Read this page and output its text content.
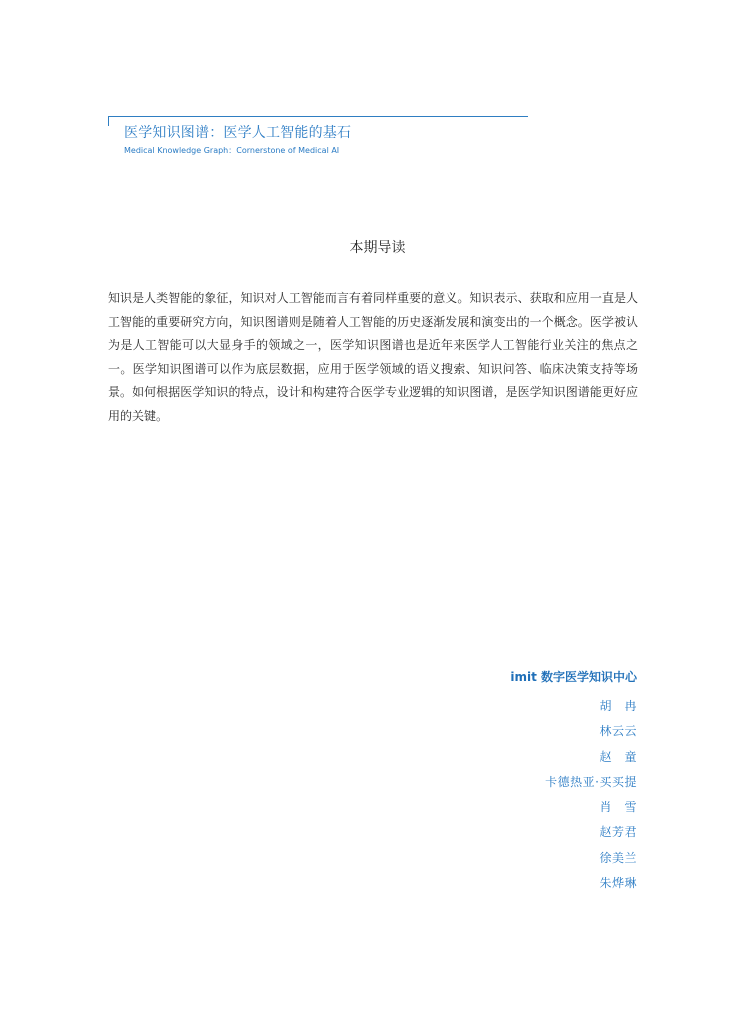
医学知识图谱：医学人工智能的基石
Medical Knowledge Graph：Cornerstone of Medical AI
本期导读
知识是人类智能的象征，知识对人工智能而言有着同样重要的意义。知识表示、获取和应用一直是人工智能的重要研究方向，知识图谱则是随着人工智能的历史逐渐发展和演变出的一个概念。医学被认为是人工智能可以大显身手的领域之一，医学知识图谱也是近年来医学人工智能行业关注的焦点之一。医学知识图谱可以作为底层数据，应用于医学领域的语义搜索、知识问答、临床决策支持等场景。如何根据医学知识的特点，设计和构建符合医学专业逻辑的知识图谱，是医学知识图谱能更好应用的关键。
imit 数字医学知识中心
胡　冉
林云云
赵　童
卡德热亚·买买提
肖　雪
赵芳君
徐美兰
朱烨琳
